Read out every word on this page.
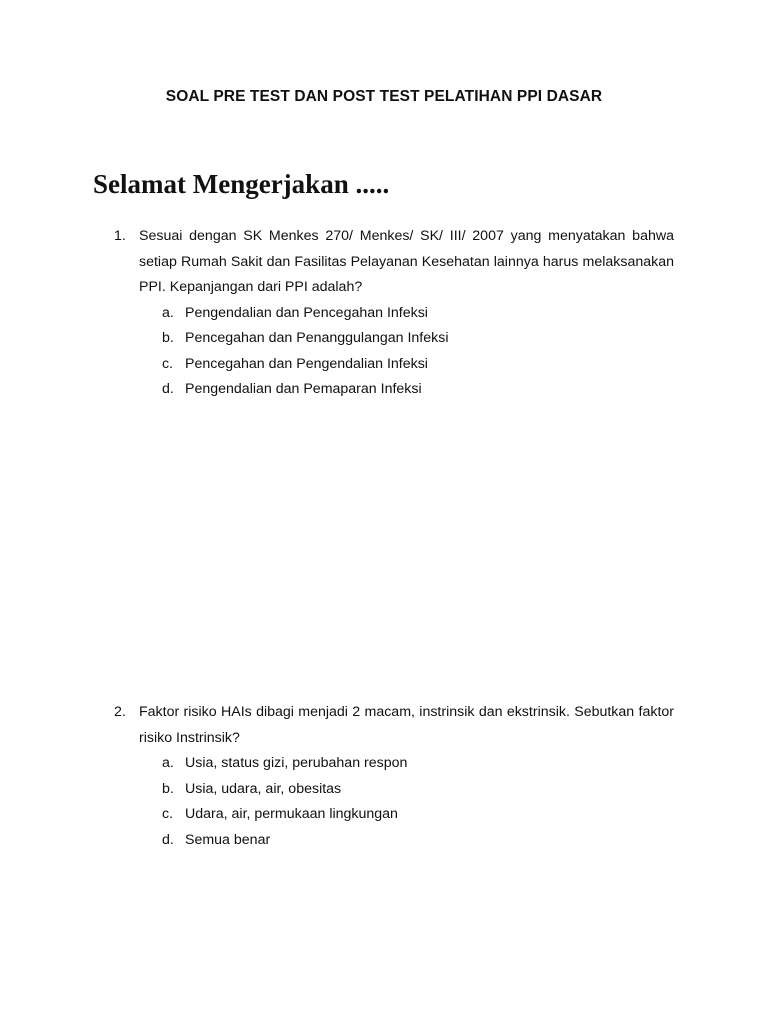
SOAL PRE TEST DAN POST TEST PELATIHAN PPI DASAR
Selamat Mengerjakan .....
1. Sesuai dengan SK Menkes 270/ Menkes/ SK/ III/ 2007 yang menyatakan bahwa setiap Rumah Sakit dan Fasilitas Pelayanan Kesehatan lainnya harus melaksanakan PPI. Kepanjangan dari PPI adalah?

a. Pengendalian dan Pencegahan Infeksi
b. Pencegahan dan Penanggulangan Infeksi
c. Pencegahan dan Pengendalian Infeksi
d. Pengendalian dan Pemaparan Infeksi
2. Faktor risiko HAIs dibagi menjadi 2 macam, instrinsik dan ekstrinsik. Sebutkan faktor risiko Instrinsik?

a. Usia, status gizi, perubahan respon
b. Usia, udara, air, obesitas
c. Udara, air, permukaan lingkungan
d. Semua benar
